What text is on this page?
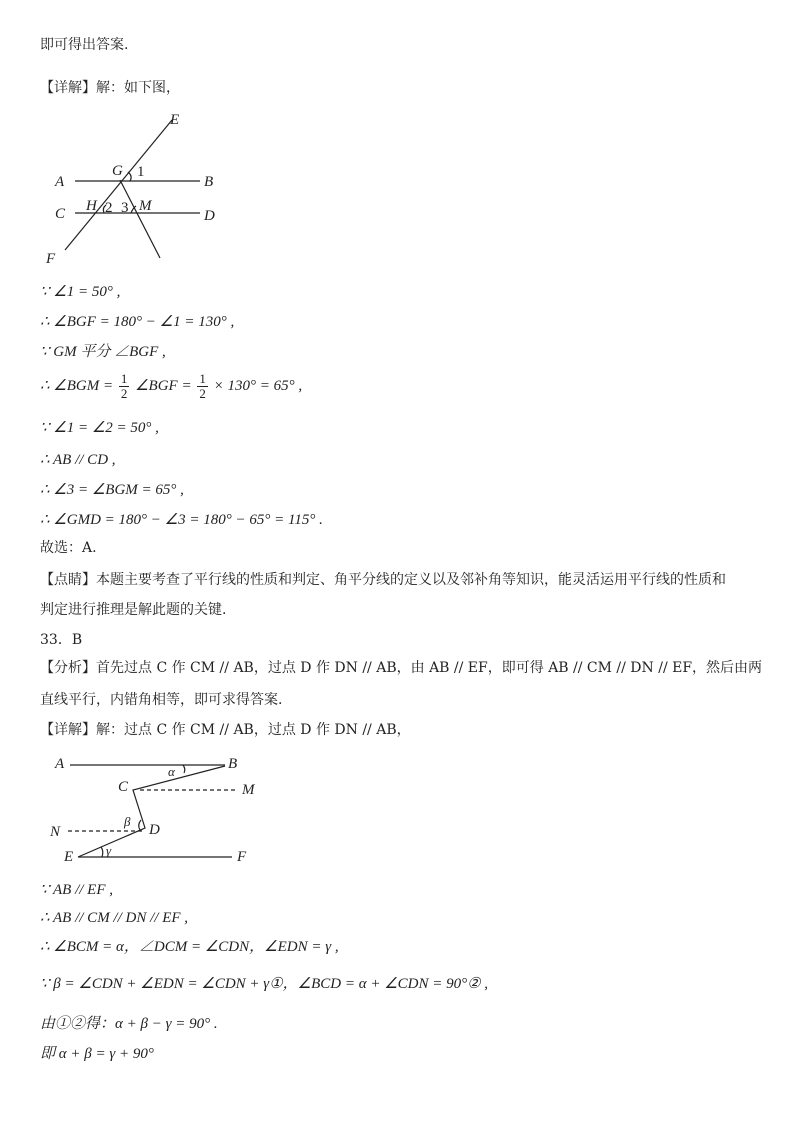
即可得出答案.
【详解】解：如下图，
E
A	B
G 1
C H 2 3 M
D
F
∵ ∠1 = 50° ,
∴ ∠BGF = 180° − ∠1 = 130° ,
∵ GM 平分 ∠BGF ,
∴ ∠BGM = $\frac{1}{2}$ ∠BGF = $\frac{1}{2} \times 130^\circ = 65^\circ$ ,
∵ ∠1 = ∠2 = 50° ,
∴ AB // CD ,
∴ ∠3 = ∠BGM = 65° ,
∴ ∠GMD = 180° − ∠3 = 180° − 65° = 115° .
故选：A.
【点睛】本题主要考查了平行线的性质和判定、角平分线的定义以及邻补角等知识，能灵活运用平行线的性质和
判定进行推理是解此题的关键.
33．B
【分析】首先过点 C 作 CM // AB，过点 D 作 DN // AB，由 AB // EF，即可得 AB // CM // DN // EF，然后由两
直线平行，内错角相等，即可求得答案.
【详解】解：过点 C 作 CM // AB，过点 D 作 DN // AB，
A	B
α
C	M
N
β
D
E	γ	F
∵ AB // EF ,
∴ AB // CM // DN // EF ,
∴ ∠BCM = α，∠DCM = ∠CDN，∠EDN = γ ,
∵ β = ∠CDN + ∠EDN = ∠CDN + γ①，∠BCD = α + ∠CDN = 90°② ,
由①②得：α + β − γ = 90° .
即 α + β = γ + 90°
